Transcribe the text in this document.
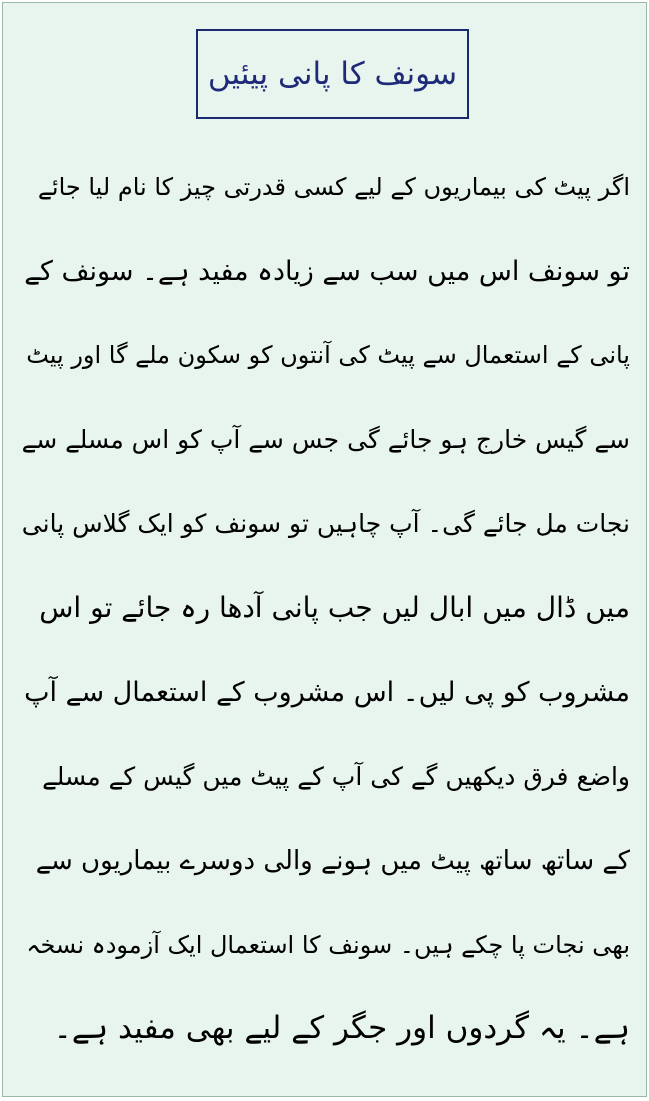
سونف کا پانی پیئیں
اگر پیٹ کی بیماریوں کے لیے کسی قدرتی چیز کا نام لیا جائے
تو سونف اس میں سب سے زیادہ مفید ہے۔ سونف کے
پانی کے استعمال سے پیٹ کی آنتوں کو سکون ملے گا اور پیٹ
سے گیس خارج ہو جائے گی جس سے آپ کو اس مسلے سے
نجات مل جائے گی۔ آپ چاہیں تو سونف کو ایک گلاس پانی
میں ڈال میں ابال لیں جب پانی آدھا رہ جائے تو اس
مشروب کو پی لیں۔ اس مشروب کے استعمال سے آپ
واضع فرق دیکھیں گے کی آپ کے پیٹ میں گیس کے مسلے
کے ساتھ ساتھ پیٹ میں ہونے والی دوسرے بیماریوں سے
بھی نجات پا چکے ہیں۔ سونف کا استعمال ایک آزمودہ نسخہ
ہے۔ یہ گردوں اور جگر کے لیے بھی مفید ہے۔
